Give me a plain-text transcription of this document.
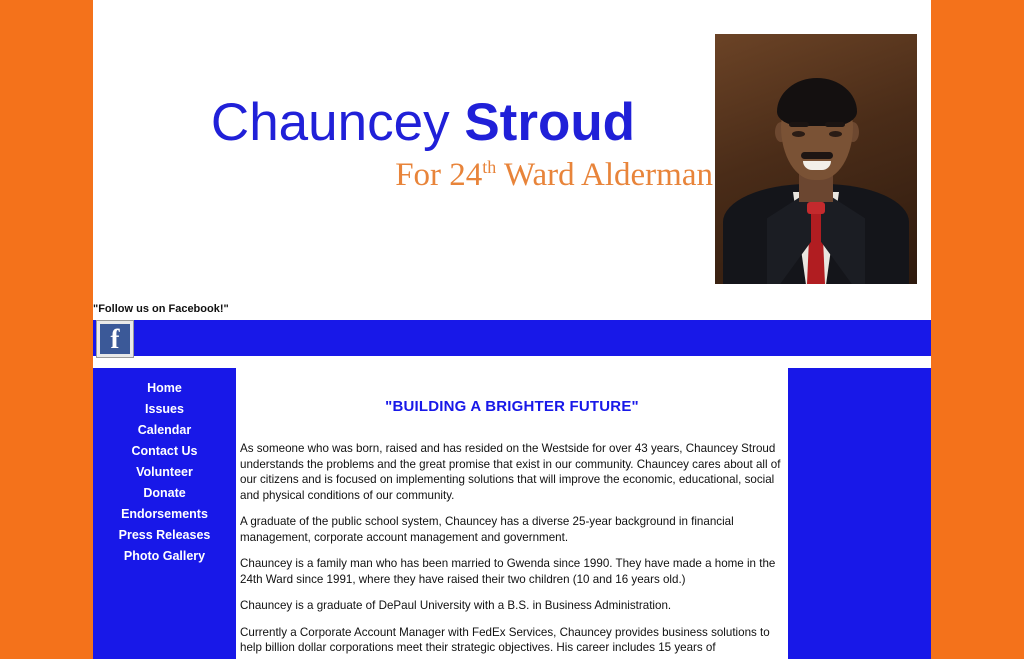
Chauncey Stroud
For 24th Ward Alderman
"Follow us on Facebook!"
f
Home
Issues
Calendar
Contact Us
Volunteer
Donate
Endorsements
Press Releases
Photo Gallery
"BUILDING A BRIGHTER FUTURE"

As someone who was born, raised and has resided on the Westside for over 43 years, Chauncey Stroud understands the problems and the great promise that exist in our community. Chauncey cares about all of our citizens and is focused on implementing solutions that will improve the economic, educational, social and physical conditions of our community.

A graduate of the public school system, Chauncey has a diverse 25-year background in financial management, corporate account management and government.

Chauncey is a family man who has been married to Gwenda since 1990. They have made a home in the 24th Ward since 1991, where they have raised their two children (10 and 16 years old.)

Chauncey is a graduate of DePaul University with a B.S. in Business Administration.

Currently a Corporate Account Manager with FedEx Services, Chauncey provides business solutions to help billion dollar corporations meet their strategic objectives. His career includes 15 years of
